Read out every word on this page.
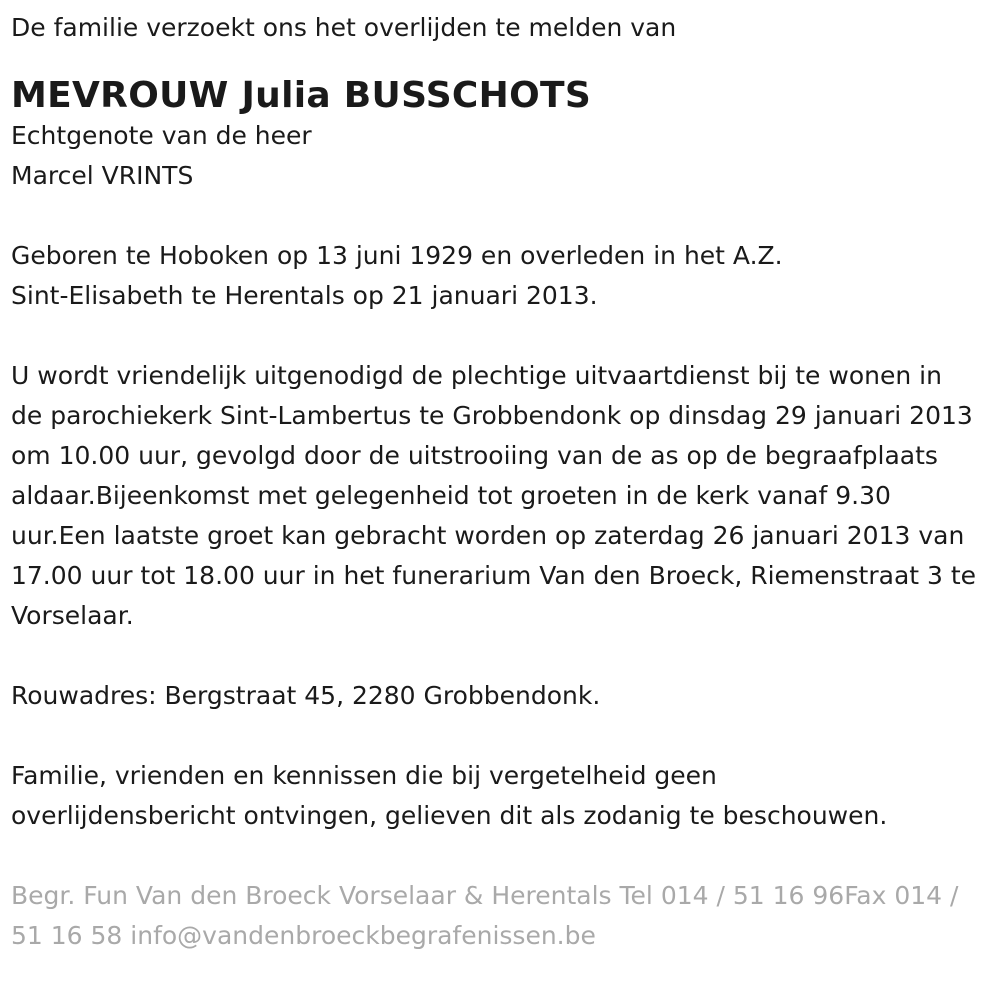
De familie verzoekt ons het overlijden te melden van

MEVROUW Julia BUSSCHOTS

Echtgenote van de heer

Marcel VRINTS

Geboren te Hoboken op 13 juni 1929 en overleden in het A.Z.

Sint-Elisabeth te Herentals op 21 januari 2013.

U wordt vriendelijk uitgenodigd de plechtige uitvaartdienst bij te wonen in de parochiekerk Sint-Lambertus te Grobbendonk op dinsdag 29 januari 2013 om 10.00 uur, gevolgd door de uitstrooiing van de as op de begraafplaats aldaar.Bijeenkomst met gelegenheid tot groeten in de kerk vanaf 9.30 uur.Een laatste groet kan gebracht worden op zaterdag 26 januari 2013 van 17.00 uur tot 18.00 uur in het funerarium Van den Broeck, Riemenstraat 3 te Vorselaar.

Rouwadres: Bergstraat 45, 2280 Grobbendonk.

Familie, vrienden en kennissen die bij vergetelheid geen

overlijdensbericht ontvingen, gelieven dit als zodanig te beschouwen.

Begr. Fun Van den Broeck Vorselaar & Herentals Tel 014 / 51 16 96Fax 014 / 51 16 58 info@vandenbroeckbegrafenissen.be
